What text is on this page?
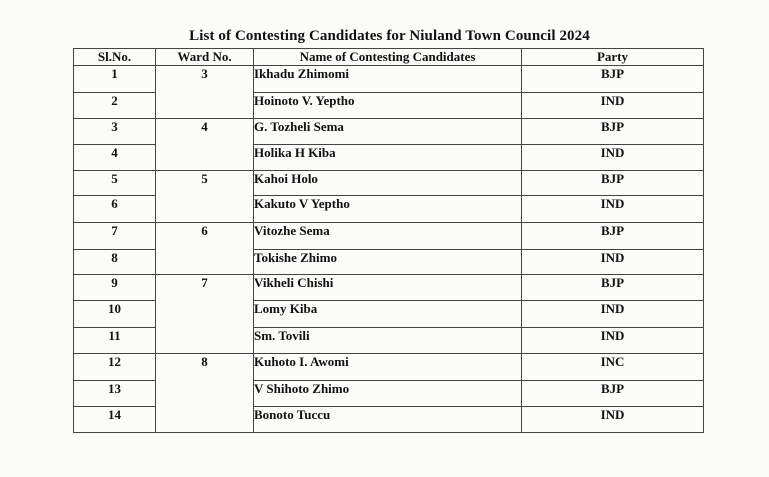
List of Contesting Candidates for Niuland Town Council 2024
Sl.No.	Ward No.	Name of Contesting Candidates	Party
1	3	Ikhadu Zhimomi	BJP
2		Hoinoto V. Yeptho	IND
3	4	G. Tozheli Sema	BJP
4		Holika H Kiba	IND
5	5	Kahoi Holo	BJP
6		Kakuto V Yeptho	IND
7	6	Vitozhe Sema	BJP
8		Tokishe Zhimo	IND
9	7	Vikheli Chishi	BJP
10		Lomy Kiba	IND
11		Sm. Tovili	IND
12	8	Kuhoto I. Awomi	INC
13		V Shihoto Zhimo	BJP
14		Bonoto Tuccu	IND
